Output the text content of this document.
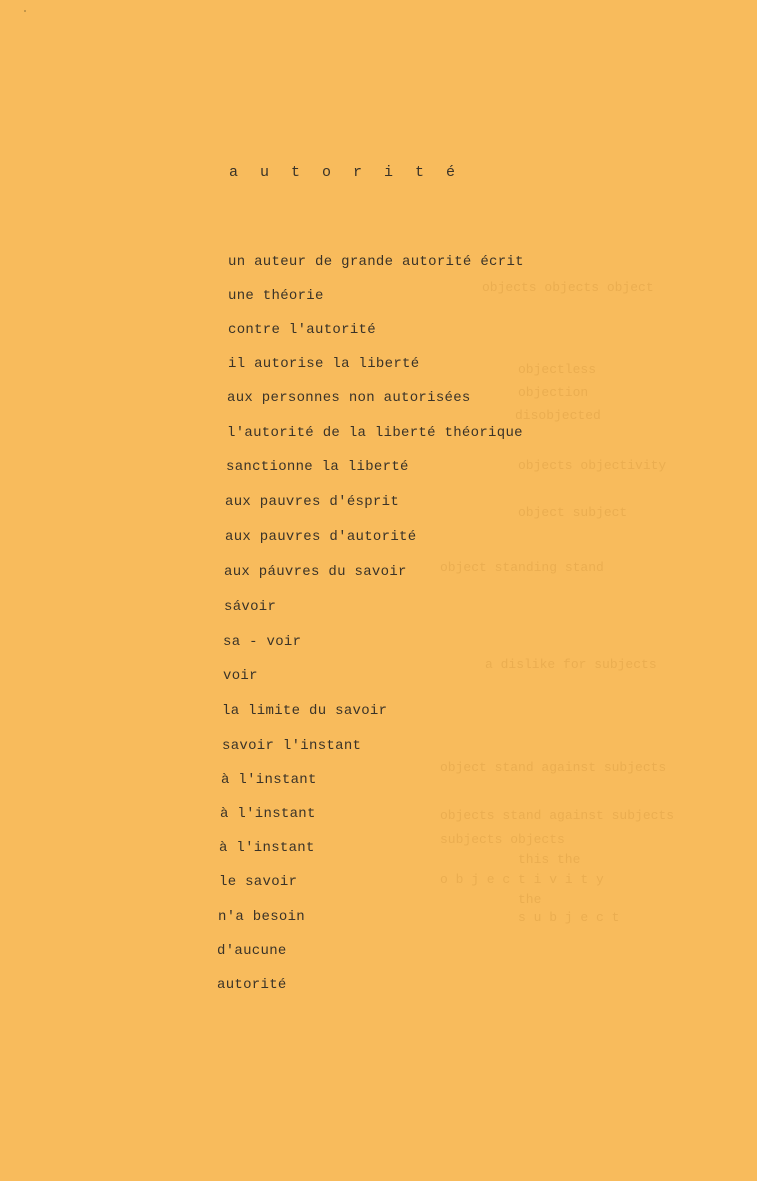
objects objects object
objectless
objection
disobjected
objects objectivity
object subject
object standing stand
a dislike for subjects
object stand against subjects
objects stand against subjects
subjects objects
this the
o b j e c t i v i t y
the
s u b j e c t
a u t o r i t é

un auteur de grande autorité écrit

une théorie

contre l'autorité

il autorise la liberté

aux personnes non autorisées

l'autorité de la liberté théorique

sanctionne la liberté

aux pauvres d'ésprit

aux pauvres d'autorité

aux páuvres du savoir

sávoir

sa - voir

voir

la limite du savoir

savoir l'instant

à l'instant

à l'instant

à l'instant

le savoir

n'a besoin

d'aucune

autorité
